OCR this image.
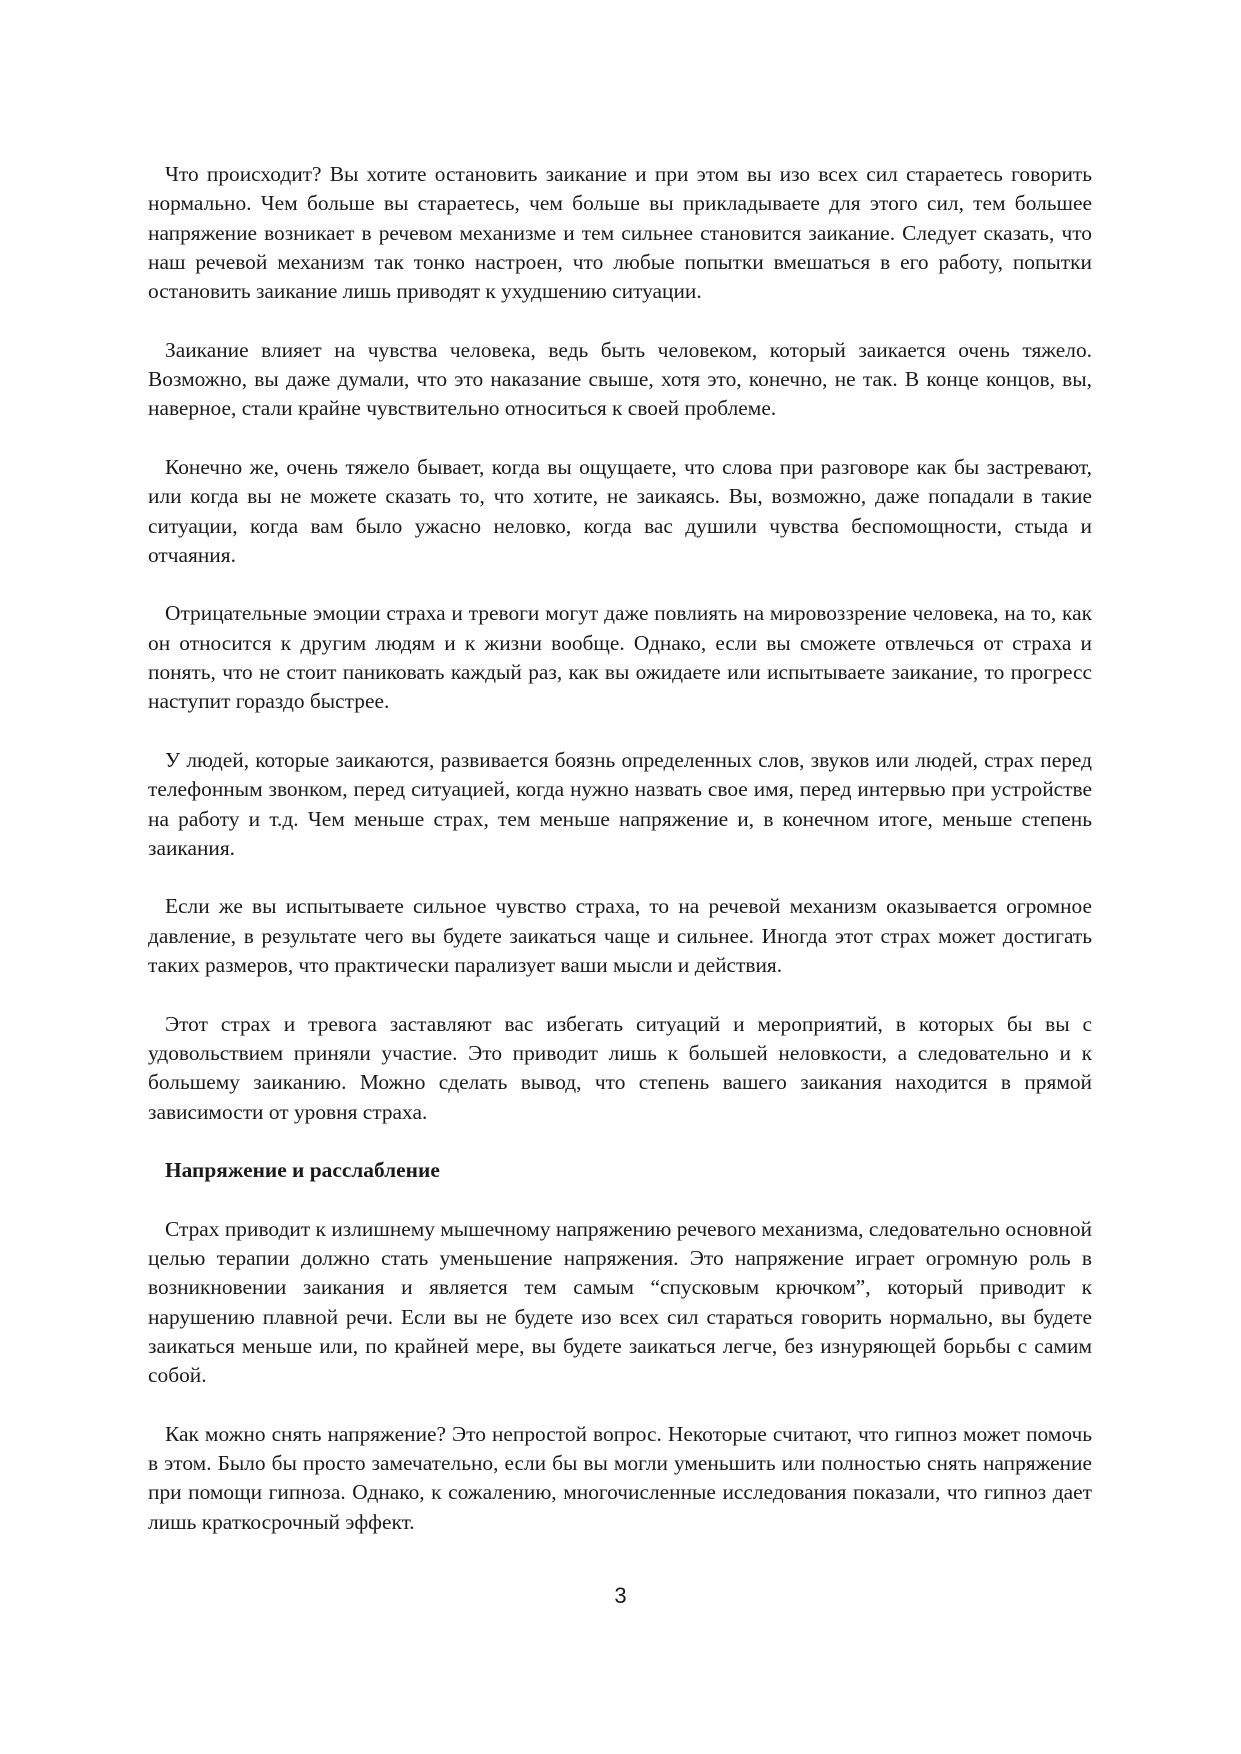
Что происходит? Вы хотите остановить заикание и при этом вы изо всех сил стараетесь говорить нормально. Чем больше вы стараетесь, чем больше вы прикладываете для этого сил, тем большее напряжение возникает в речевом механизме и тем сильнее становится заикание. Следует сказать, что наш речевой механизм так тонко настроен, что любые попытки вмешаться в его работу, попытки остановить заикание лишь приводят к ухудшению ситуации.

Заикание влияет на чувства человека, ведь быть человеком, который заикается очень тяжело. Возможно, вы даже думали, что это наказание свыше, хотя это, конечно, не так. В конце концов, вы, наверное, стали крайне чувствительно относиться к своей проблеме.

Конечно же, очень тяжело бывает, когда вы ощущаете, что слова при разговоре как бы застревают, или когда вы не можете сказать то, что хотите, не заикаясь. Вы, возможно, даже попадали в такие ситуации, когда вам было ужасно неловко, когда вас душили чувства беспомощности, стыда и отчаяния.

Отрицательные эмоции страха и тревоги могут даже повлиять на мировоззрение человека, на то, как он относится к другим людям и к жизни вообще. Однако, если вы сможете отвлечься от страха и понять, что не стоит паниковать каждый раз, как вы ожидаете или испытываете заикание, то прогресс наступит гораздо быстрее.

У людей, которые заикаются, развивается боязнь определенных слов, звуков или людей, страх перед телефонным звонком, перед ситуацией, когда нужно назвать свое имя, перед интервью при устройстве на работу и т.д. Чем меньше страх, тем меньше напряжение и, в конечном итоге, меньше степень заикания.

Если же вы испытываете сильное чувство страха, то на речевой механизм оказывается огромное давление, в результате чего вы будете заикаться чаще и сильнее. Иногда этот страх может достигать таких размеров, что практически парализует ваши мысли и действия.

Этот страх и тревога заставляют вас избегать ситуаций и мероприятий, в которых бы вы с удовольствием приняли участие. Это приводит лишь к большей неловкости, а следовательно и к большему заиканию. Можно сделать вывод, что степень вашего заикания находится в прямой зависимости от уровня страха.

Напряжение и расслабление

Страх приводит к излишнему мышечному напряжению речевого механизма, следовательно основной целью терапии должно стать уменьшение напряжения. Это напряжение играет огромную роль в возникновении заикания и является тем самым “спусковым крючком”, который приводит к нарушению плавной речи. Если вы не будете изо всех сил стараться говорить нормально, вы будете заикаться меньше или, по крайней мере, вы будете заикаться легче, без изнуряющей борьбы с самим собой.

Как можно снять напряжение? Это непростой вопрос. Некоторые считают, что гипноз может помочь в этом. Было бы просто замечательно, если бы вы могли уменьшить или полностью снять напряжение при помощи гипноза. Однако, к сожалению, многочисленные исследования показали, что гипноз дает лишь краткосрочный эффект.

3
